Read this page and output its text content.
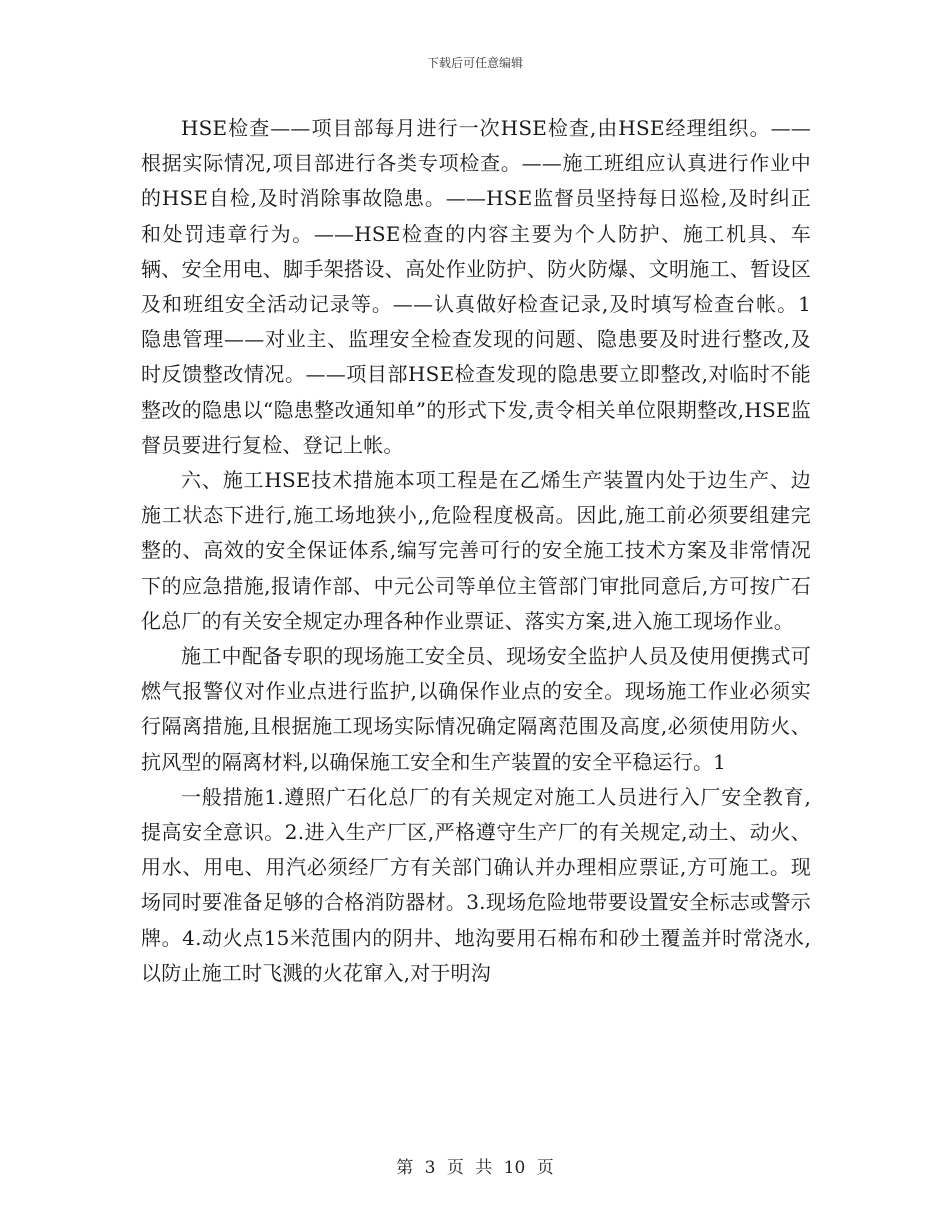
下载后可任意编辑

HSE检查——项目部每月进行一次HSE检查,由HSE经理组织。——根据实际情况,项目部进行各类专项检查。——施工班组应认真进行作业中的HSE自检,及时消除事故隐患。——HSE监督员坚持每日巡检,及时纠正和处罚违章行为。——HSE检查的内容主要为个人防护、施工机具、车辆、安全用电、脚手架搭设、高处作业防护、防火防爆、文明施工、暂设区及和班组安全活动记录等。——认真做好检查记录,及时填写检查台帐。1 隐患管理——对业主、监理安全检查发现的问题、隐患要及时进行整改,及时反馈整改情况。——项目部HSE检查发现的隐患要立即整改,对临时不能整改的隐患以“隐患整改通知单”的形式下发,责令相关单位限期整改,HSE监督员要进行复检、登记上帐。

六、施工HSE技术措施本项工程是在乙烯生产装置内处于边生产、边施工状态下进行,施工场地狭小,,危险程度极高。因此,施工前必须要组建完整的、高效的安全保证体系,编写完善可行的安全施工技术方案及非常情况下的应急措施,报请作部、中元公司等单位主管部门审批同意后,方可按广石化总厂的有关安全规定办理各种作业票证、落实方案,进入施工现场作业。

施工中配备专职的现场施工安全员、现场安全监护人员及使用便携式可燃气报警仪对作业点进行监护,以确保作业点的安全。现场施工作业必须实行隔离措施,且根据施工现场实际情况确定隔离范围及高度,必须使用防火、抗风型的隔离材料,以确保施工安全和生产装置的安全平稳运行。1

一般措施1.遵照广石化总厂的有关规定对施工人员进行入厂安全教育,提高安全意识。2.进入生产厂区,严格遵守生产厂的有关规定,动土、动火、用水、用电、用汽必须经厂方有关部门确认并办理相应票证,方可施工。现场同时要准备足够的合格消防器材。3.现场危险地带要设置安全标志或警示牌。4.动火点15米范围内的阴井、地沟要用石棉布和砂土覆盖并时常浇水,以防止施工时飞溅的火花窜入,对于明沟

第 3 页 共 10 页
